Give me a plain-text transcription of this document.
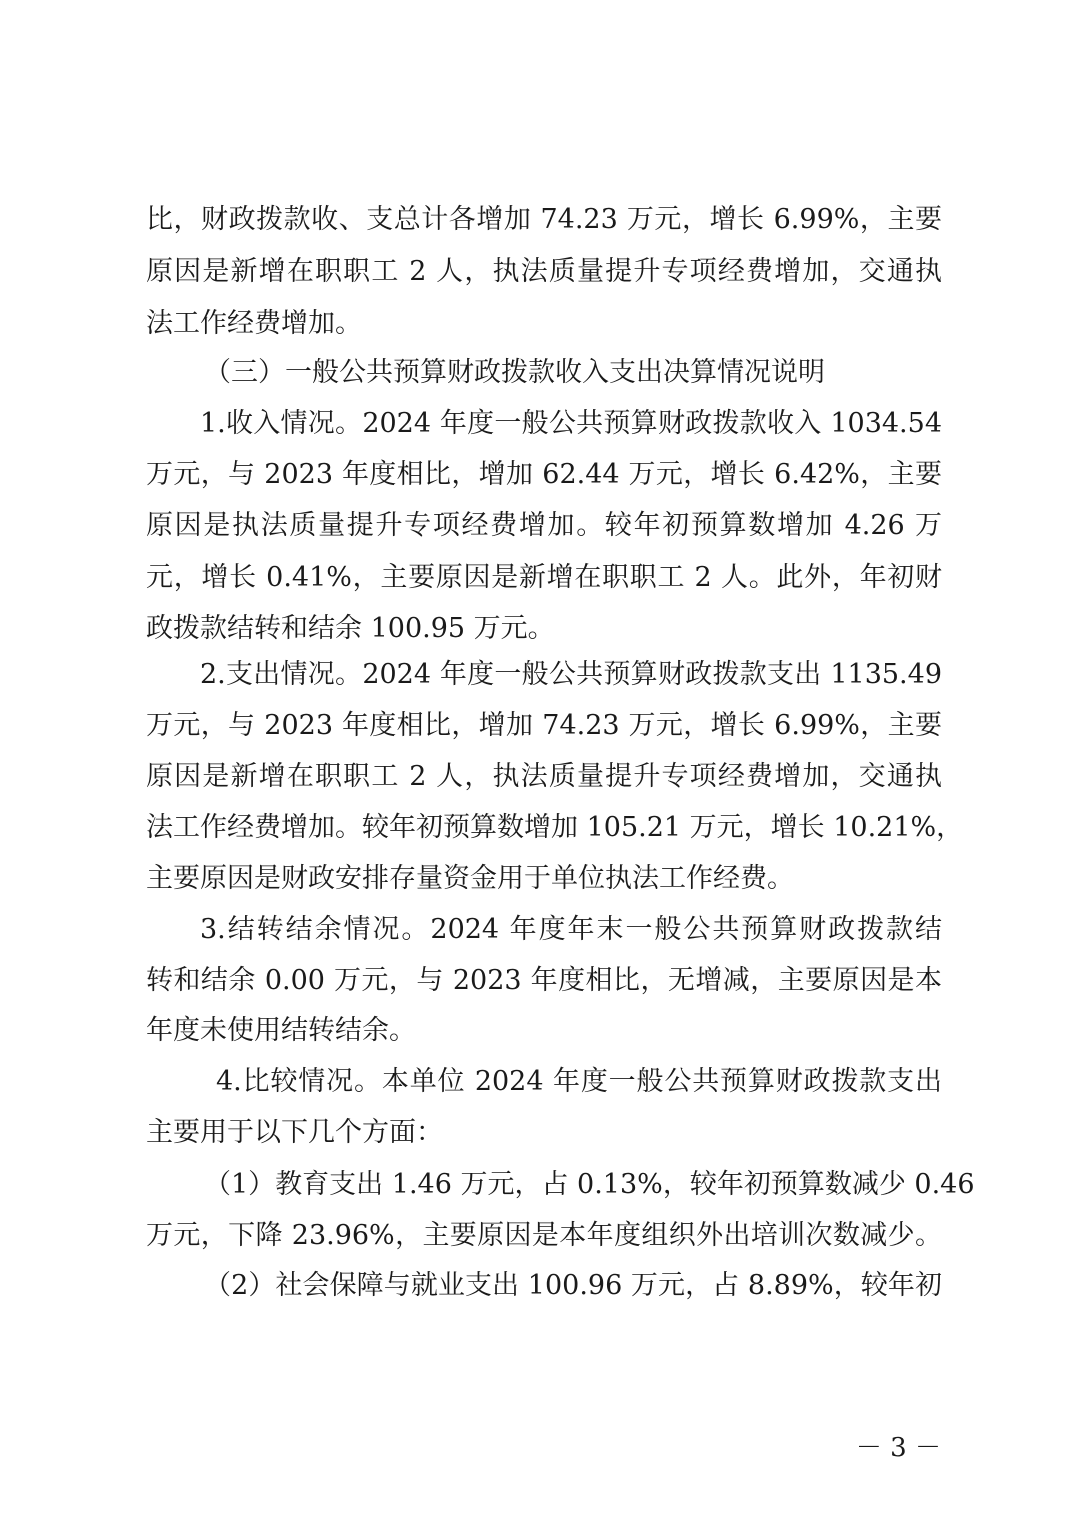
比，财政拨款收、支总计各增加 74.23 万元，增长 6.99%，主要
原因是新增在职职工 2 人，执法质量提升专项经费增加，交通执
法工作经费增加。
（三）一般公共预算财政拨款收入支出决算情况说明
1.收入情况。2024 年度一般公共预算财政拨款收入 1034.54
万元，与 2023 年度相比，增加 62.44 万元，增长 6.42%，主要
原因是执法质量提升专项经费增加。较年初预算数增加 4.26 万
元，增长 0.41%，主要原因是新增在职职工 2 人。此外，年初财
政拨款结转和结余 100.95 万元。
2.支出情况。2024 年度一般公共预算财政拨款支出 1135.49
万元，与 2023 年度相比，增加 74.23 万元，增长 6.99%，主要
原因是新增在职职工 2 人，执法质量提升专项经费增加，交通执
法工作经费增加。较年初预算数增加 105.21 万元，增长 10.21%，
主要原因是财政安排存量资金用于单位执法工作经费。
3.结转结余情况。2024 年度年末一般公共预算财政拨款结
转和结余 0.00 万元，与 2023 年度相比，无增减，主要原因是本
年度未使用结转结余。
4.比较情况。本单位 2024 年度一般公共预算财政拨款支出
主要用于以下几个方面：
（1）教育支出 1.46 万元，占 0.13%，较年初预算数减少 0.46
万元，下降 23.96%，主要原因是本年度组织外出培训次数减少。
（2）社会保障与就业支出 100.96 万元，占 8.89%，较年初
－ 3 －
